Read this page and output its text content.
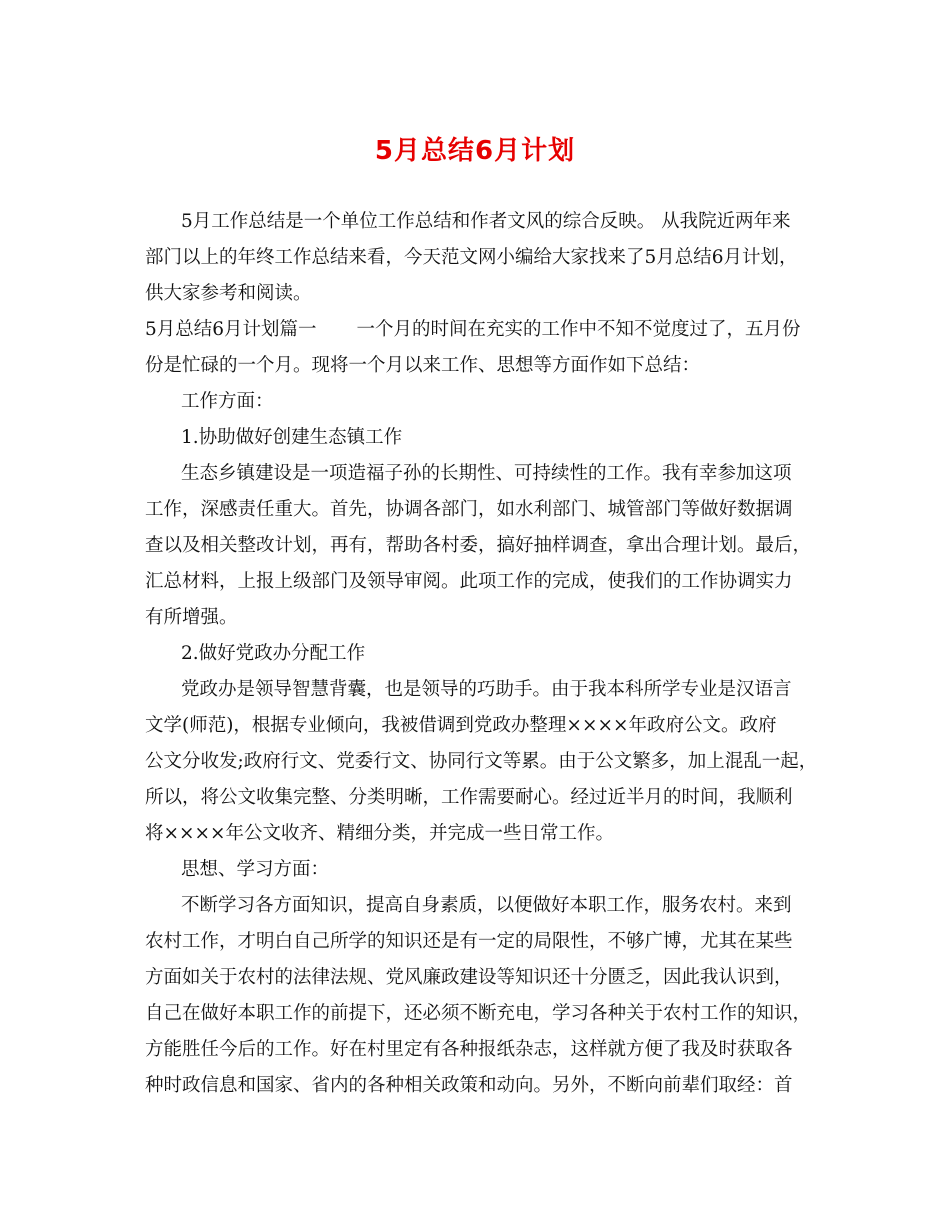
5月总结6月计划
5月工作总结是一个单位工作总结和作者文风的综合反映。 从我院近两年来
部门以上的年终工作总结来看，今天范文网小编给大家找来了5月总结6月计划，
供大家参考和阅读。
5月总结6月计划篇一 一个月的时间在充实的工作中不知不觉度过了，五月份
份是忙碌的一个月。现将一个月以来工作、思想等方面作如下总结：
工作方面：
1.协助做好创建生态镇工作
生态乡镇建设是一项造福子孙的长期性、可持续性的工作。我有幸参加这项
工作，深感责任重大。首先，协调各部门，如水利部门、城管部门等做好数据调
查以及相关整改计划，再有，帮助各村委，搞好抽样调查，拿出合理计划。最后，
汇总材料，上报上级部门及领导审阅。此项工作的完成，使我们的工作协调实力
有所增强。
2.做好党政办分配工作
党政办是领导智慧背囊，也是领导的巧助手。由于我本科所学专业是汉语言
文学(师范)，根据专业倾向，我被借调到党政办整理××××年政府公文。政府
公文分收发;政府行文、党委行文、协同行文等累。由于公文繁多，加上混乱一起，
所以，将公文收集完整、分类明晰，工作需要耐心。经过近半月的时间，我顺利
将××××年公文收齐、精细分类，并完成一些日常工作。
思想、学习方面：
不断学习各方面知识，提高自身素质，以便做好本职工作，服务农村。来到
农村工作，才明白自己所学的知识还是有一定的局限性，不够广博，尤其在某些
方面如关于农村的法律法规、党风廉政建设等知识还十分匮乏，因此我认识到，
自己在做好本职工作的前提下，还必须不断充电，学习各种关于农村工作的知识，
方能胜任今后的工作。好在村里定有各种报纸杂志，这样就方便了我及时获取各
种时政信息和国家、省内的各种相关政策和动向。另外，不断向前辈们取经：首
